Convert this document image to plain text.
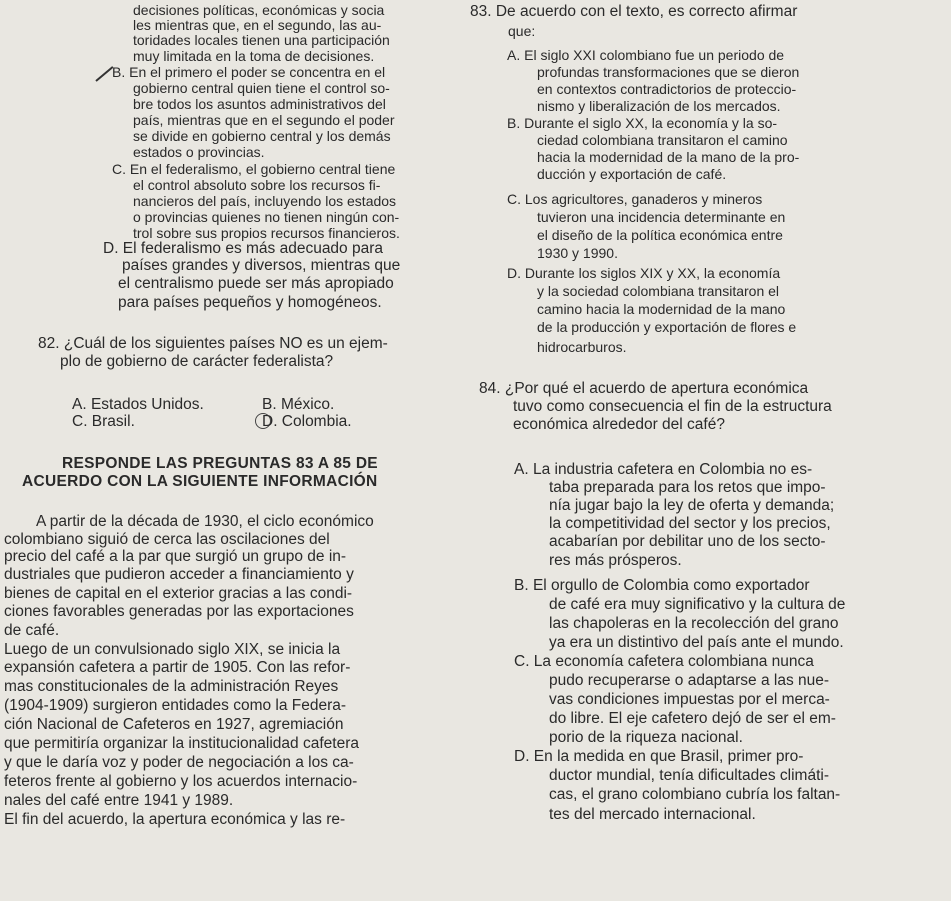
decisiones políticas, económicas y socia
les mientras que, en el segundo, las au-
toridades locales tienen una participación
muy limitada en la toma de decisiones.
B. En el primero el poder se concentra en el
gobierno central quien tiene el control so-
bre todos los asuntos administrativos del
país, mientras que en el segundo el poder
se divide en gobierno central y los demás
estados o provincias.
C. En el federalismo, el gobierno central tiene
el control absoluto sobre los recursos fi-
nancieros del país, incluyendo los estados
o provincias quienes no tienen ningún con-
trol sobre sus propios recursos financieros.
D. El federalismo es más adecuado para
países grandes y diversos, mientras que
el centralismo puede ser más apropiado
para países pequeños y homogéneos.
82. ¿Cuál de los siguientes países NO es un ejem-
plo de gobierno de carácter federalista?
A. Estados Unidos.	B. México.
C. Brasil.	D. Colombia.
RESPONDE LAS PREGUNTAS 83 A 85 DE
ACUERDO CON LA SIGUIENTE INFORMACIÓN
A partir de la década de 1930, el ciclo económico
colombiano siguió de cerca las oscilaciones del
precio del café a la par que surgió un grupo de in-
dustriales que pudieron acceder a financiamiento y
bienes de capital en el exterior gracias a las condi-
ciones favorables generadas por las exportaciones
de café.
Luego de un convulsionado siglo XIX, se inicia la
expansión cafetera a partir de 1905. Con las refor-
mas constitucionales de la administración Reyes
(1904-1909) surgieron entidades como la Federa-
ción Nacional de Cafeteros en 1927, agremiación
que permitiría organizar la institucionalidad cafetera
y que le daría voz y poder de negociación a los ca-
feteros frente al gobierno y los acuerdos internacio-
nales del café entre 1941 y 1989.
El fin del acuerdo, la apertura económica y las re-
83. De acuerdo con el texto, es correcto afirmar
que:
A. El siglo XXI colombiano fue un periodo de
profundas transformaciones que se dieron
en contextos contradictorios de proteccio-
nismo y liberalización de los mercados.
B. Durante el siglo XX, la economía y la so-
ciedad colombiana transitaron el camino
hacia la modernidad de la mano de la pro-
ducción y exportación de café.
C. Los agricultores, ganaderos y mineros
tuvieron una incidencia determinante en
el diseño de la política económica entre
1930 y 1990.
D. Durante los siglos XIX y XX, la economía
y la sociedad colombiana transitaron el
camino hacia la modernidad de la mano
de la producción y exportación de flores e
hidrocarburos.
84. ¿Por qué el acuerdo de apertura económica
tuvo como consecuencia el fin de la estructura
económica alrededor del café?
A. La industria cafetera en Colombia no es-
taba preparada para los retos que impo-
nía jugar bajo la ley de oferta y demanda;
la competitividad del sector y los precios,
acabarían por debilitar uno de los secto-
res más prósperos.
B. El orgullo de Colombia como exportador
de café era muy significativo y la cultura de
las chapoleras en la recolección del grano
ya era un distintivo del país ante el mundo.
C. La economía cafetera colombiana nunca
pudo recuperarse o adaptarse a las nue-
vas condiciones impuestas por el merca-
do libre. El eje cafetero dejó de ser el em-
porio de la riqueza nacional.
D. En la medida en que Brasil, primer pro-
ductor mundial, tenía dificultades climáti-
cas, el grano colombiano cubría los faltan-
tes del mercado internacional.
